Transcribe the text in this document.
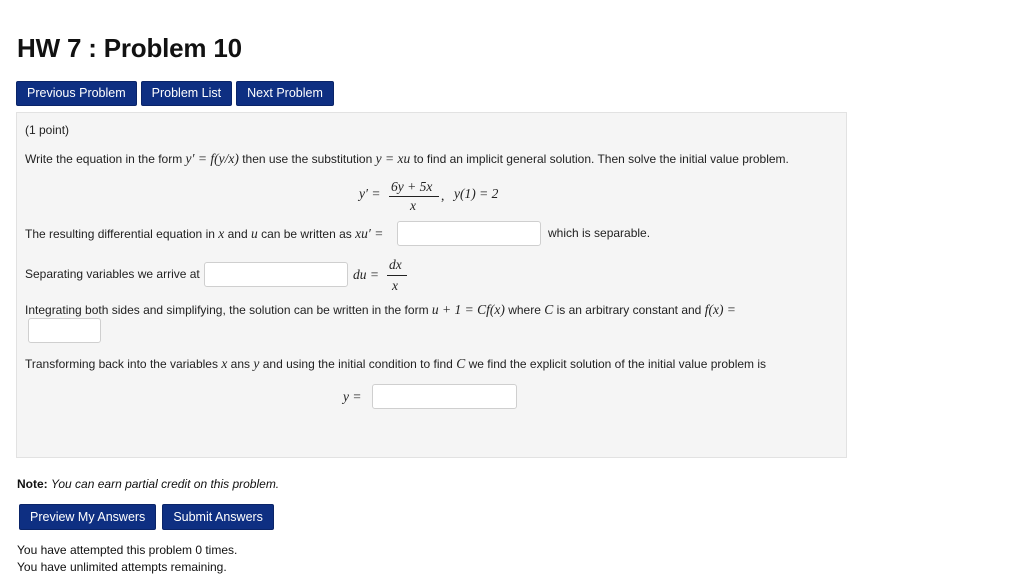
HW 7 : Problem 10
Previous Problem	Problem List	Next Problem
(1 point)
Write the equation in the form y′ = f(y/x) then use the substitution y = xu to find an implicit general solution. Then solve the initial value problem.
y′ = 6y + 5x
x
, y(1) = 2
The resulting differential equation in x and u can be written as xu′ =	which is separable.
Separating variables we arrive at	du =
dx
x
Integrating both sides and simplifying, the solution can be written in the form u + 1 = Cf(x) where C is an arbitrary constant and f(x) =
Transforming back into the variables x ans y and using the initial condition to find C we find the explicit solution of the initial value problem is
y =
Note: You can earn partial credit on this problem.
Preview My Answers	Submit Answers
You have attempted this problem 0 times.
You have unlimited attempts remaining.
